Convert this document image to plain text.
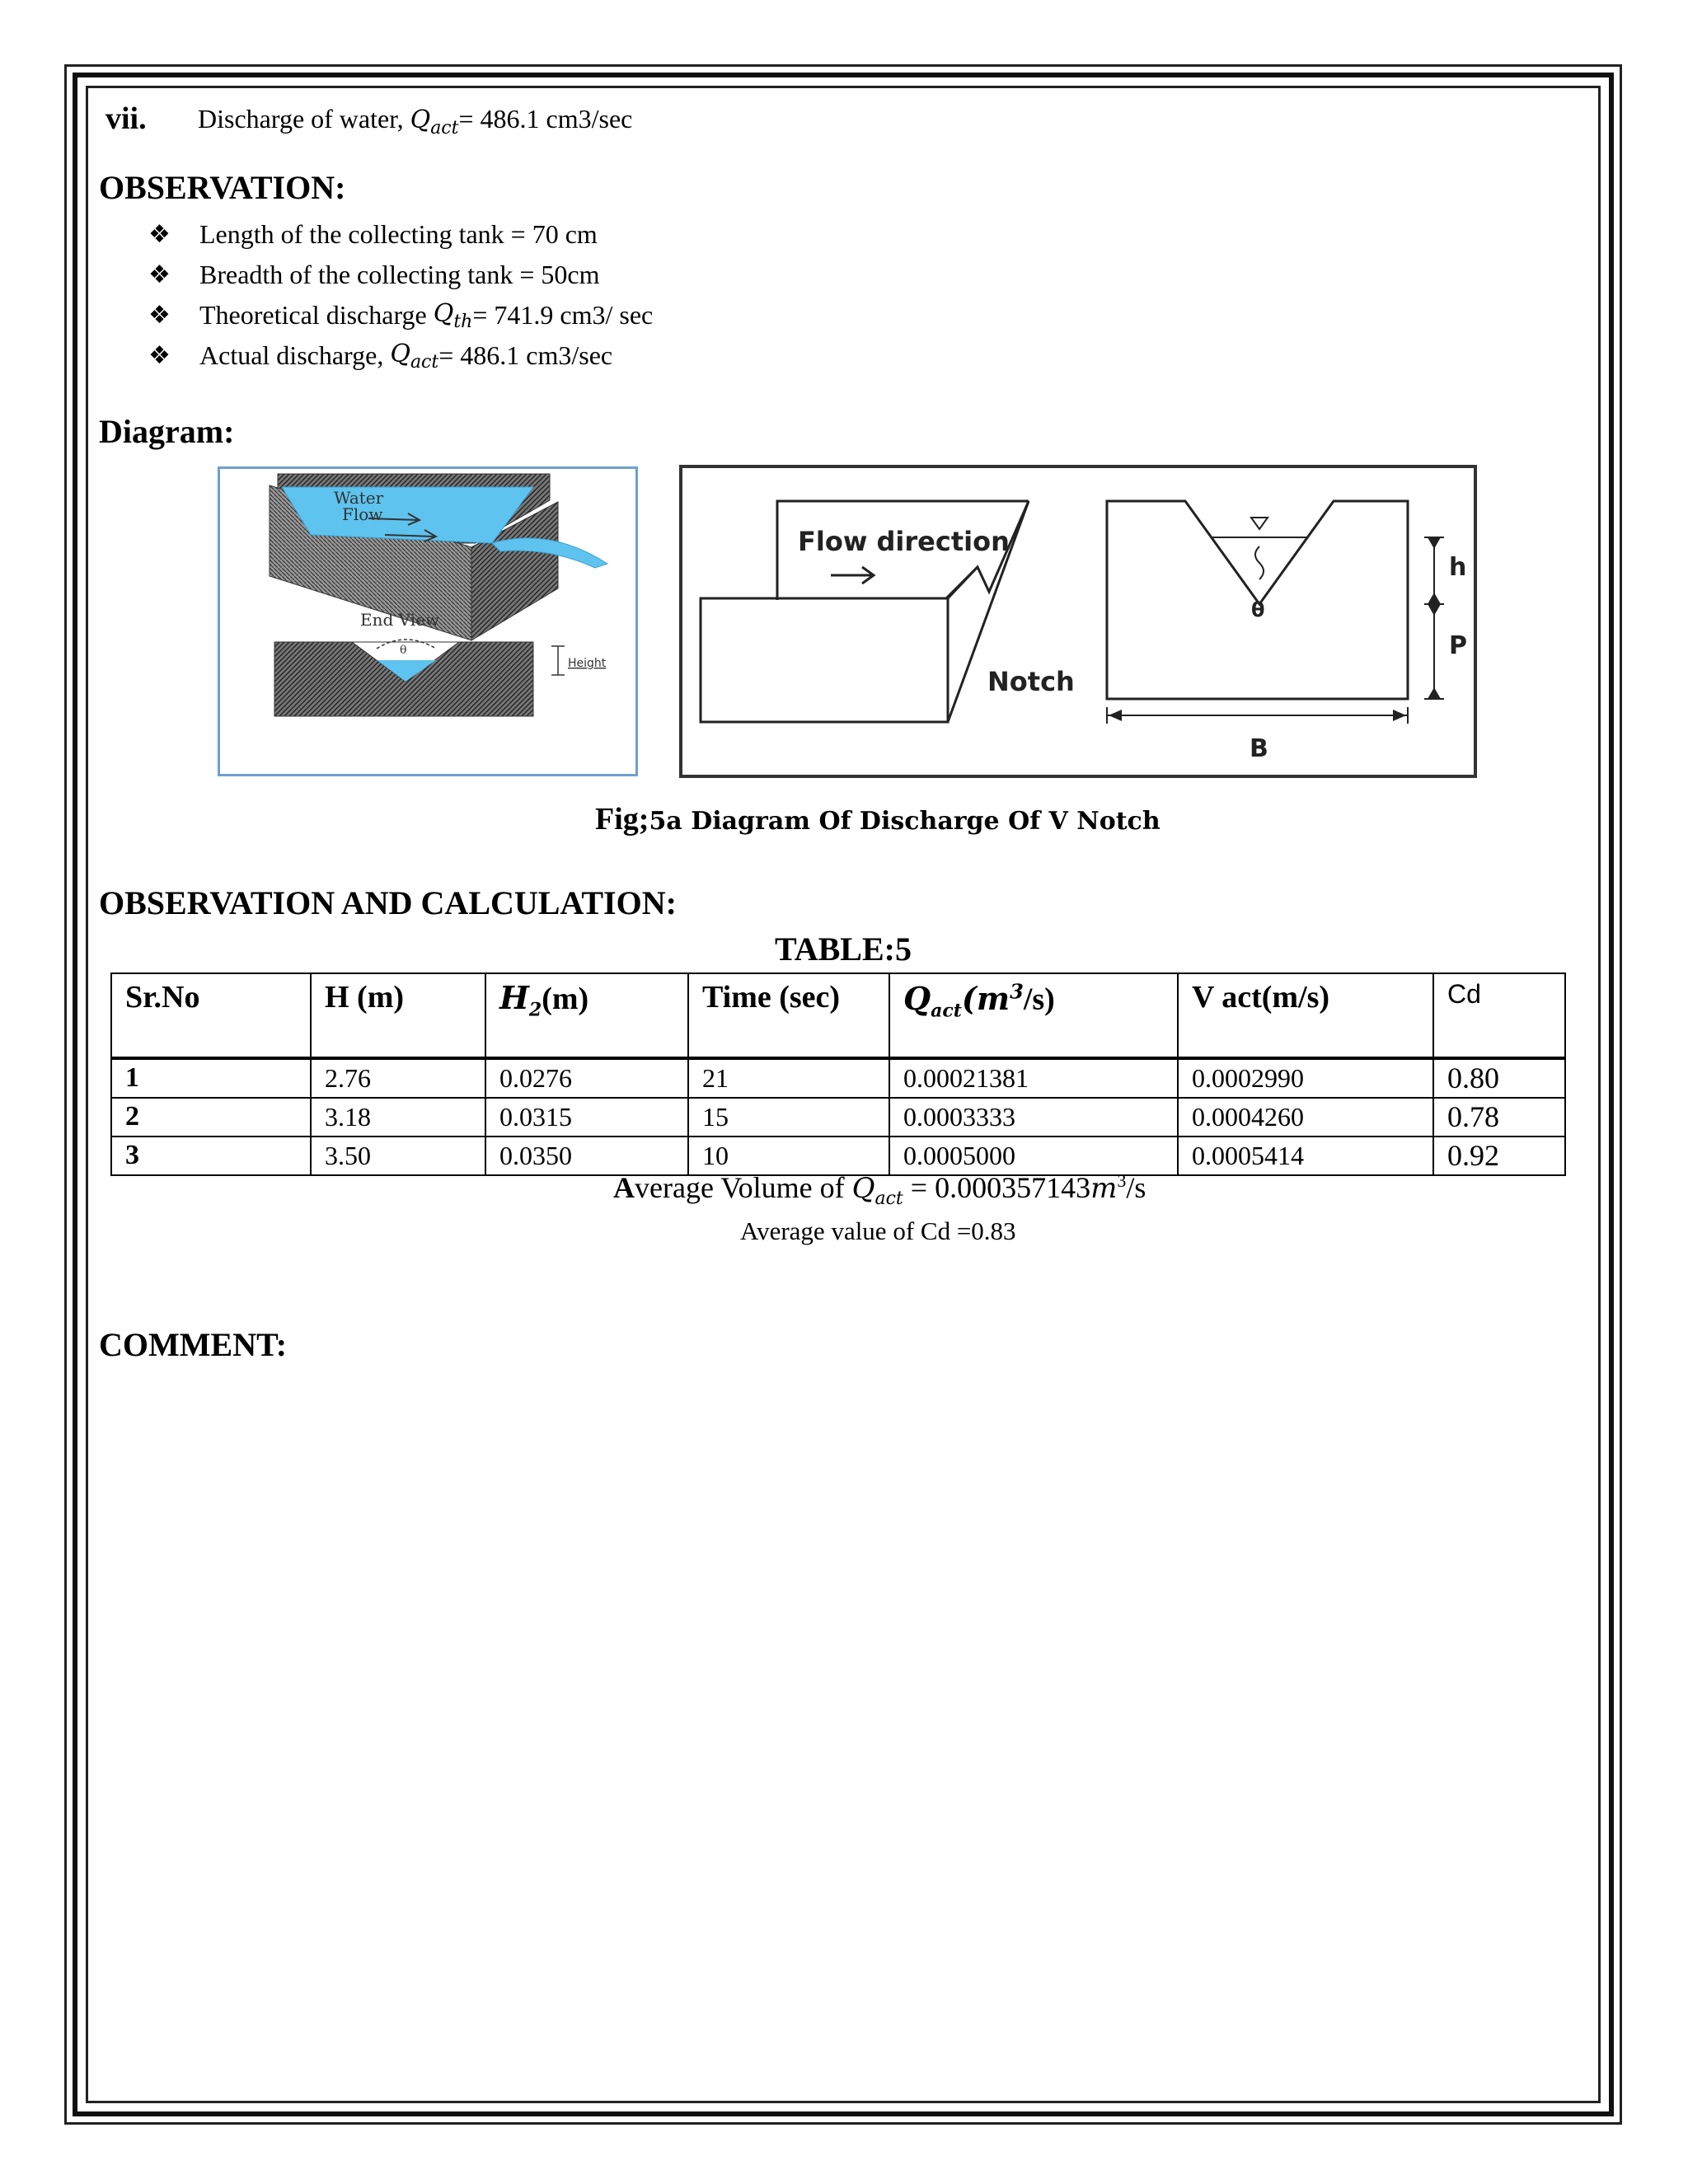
vii. Discharge of water, $Q_{act}= 486.1$ cm3/sec
OBSERVATION:
❖	Length of the collecting tank = 70 cm
❖	Breadth of the collecting tank = 50cm
❖	Theoretical discharge
$Q_{th} = 741.9$ cm3/ sec
❖	Actual discharge,
$Q_{act} = 486.1$ cm3/sec
Diagram:
Water
Flow
End View
θ
Height
Flow direction
Notch
θ
h
P
B
Fig;5a Diagram Of Discharge Of V Notch
OBSERVATION AND CALCULATION:
TABLE:5
Sr.No	H (m)	$H_2(m)$	Time (sec)	$Q_{act}(m^3/s)$	V act(m/s)	Cd

1	2.76	0.0276	21	0.00021381	0.0002990	0.80
2	3.18	0.0315	15	0.0003333	0.0004260	0.78
3	3.50	0.0350	10	0.0005000	0.0005414	0.92
Average Volume of $Q_{act} = 0.000357143m^3/s$
Average value of Cd =0.83
COMMENT:
